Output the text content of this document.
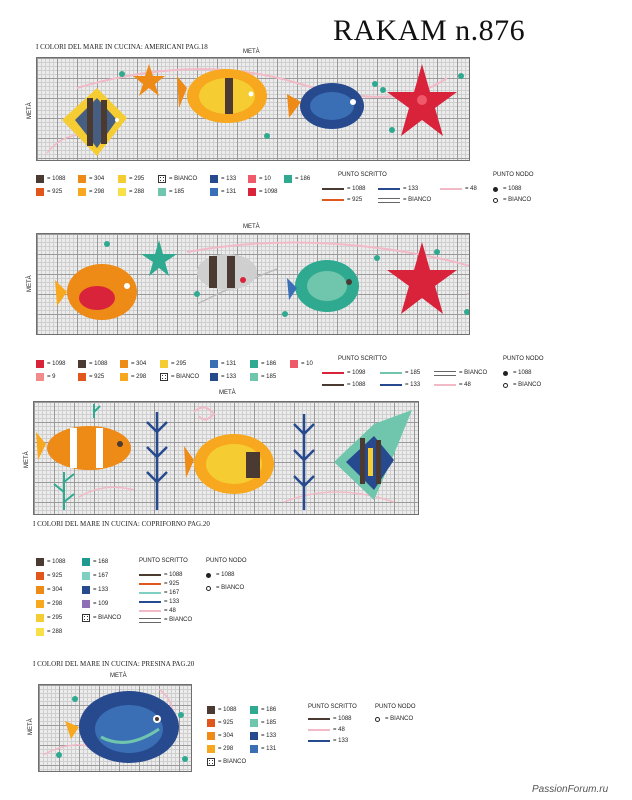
RAKAM n.876
I COLORI DEL MARE IN CUCINA: AMERICANI PAG.18
METÀ
METÀ
= 1088
= 925
= 304
= 298
= 295
= 288
= BIANCO
= 185
= 133
= 131
= 10
= 1098
= 186
PUNTO SCRITTO
= 1088
= 925
= 133
= BIANCO
= 48
PUNTO NODO
= 1088
= BIANCO
METÀ
METÀ
= 1098
= 9
= 1088
= 925
= 304
= 298
= 295
= BIANCO
= 131
= 133
= 186
= 185
= 10
PUNTO SCRITTO
= 1098
= 1088
= 185
= 133
= BIANCO
= 48
PUNTO NODO
= 1088
= BIANCO
METÀ
METÀ
I COLORI DEL MARE IN CUCINA: COPRIFORNO PAG.20
= 1088
= 925
= 304
= 298
= 295
= 288
= 168
= 167
= 133
= 109
= BIANCO
PUNTO SCRITTO
= 1088
= 925
= 167
= 133
= 48
= BIANCO
PUNTO NODO
= 1088
= BIANCO
I COLORI DEL MARE IN CUCINA: PRESINA PAG.20
METÀ
METÀ
= 1088
= 925
= 304
= 298
= BIANCO
= 186
= 185
= 133
= 131
PUNTO SCRITTO
= 1088
= 48
= 133
PUNTO NODO
= BIANCO
PassionForum.ru
